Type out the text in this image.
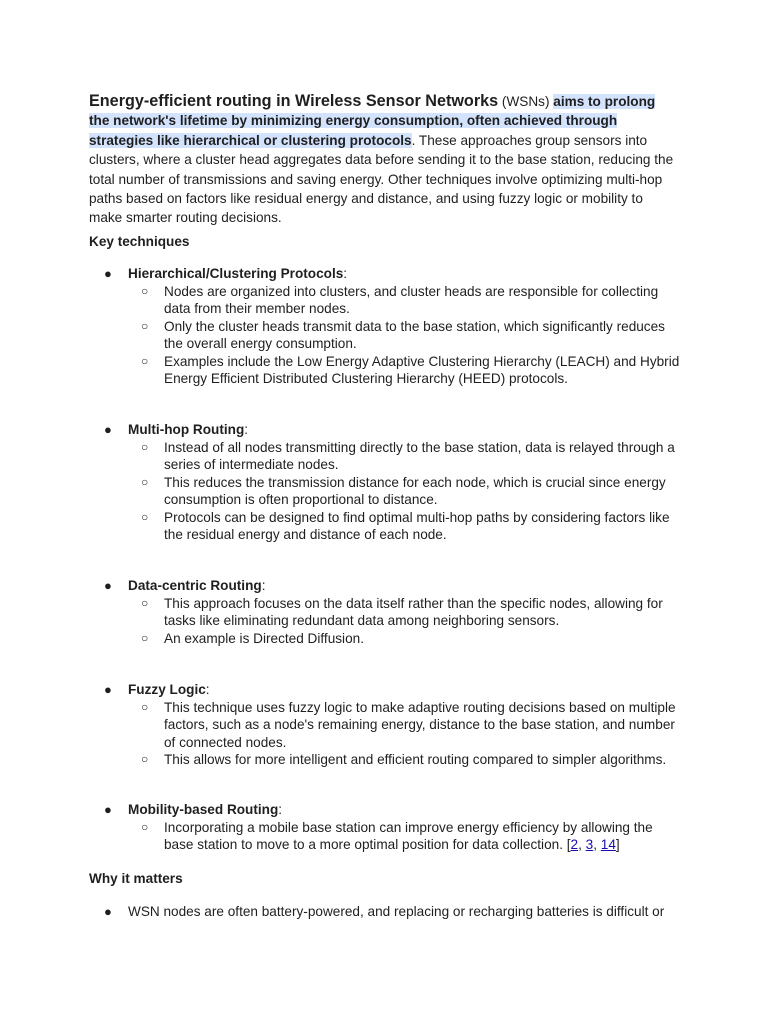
Energy-efficient routing in Wireless Sensor Networks (WSNs) aims to prolong the network's lifetime by minimizing energy consumption, often achieved through strategies like hierarchical or clustering protocols. These approaches group sensors into clusters, where a cluster head aggregates data before sending it to the base station, reducing the total number of transmissions and saving energy. Other techniques involve optimizing multi-hop paths based on factors like residual energy and distance, and using fuzzy logic or mobility to make smarter routing decisions.

Key techniques

● Hierarchical/Clustering Protocols:
○ Nodes are organized into clusters, and cluster heads are responsible for collecting data from their member nodes.
○ Only the cluster heads transmit data to the base station, which significantly reduces the overall energy consumption.
○ Examples include the Low Energy Adaptive Clustering Hierarchy (LEACH) and Hybrid Energy Efficient Distributed Clustering Hierarchy (HEED) protocols.
● Multi-hop Routing:
○ Instead of all nodes transmitting directly to the base station, data is relayed through a series of intermediate nodes.
○ This reduces the transmission distance for each node, which is crucial since energy consumption is often proportional to distance.
○ Protocols can be designed to find optimal multi-hop paths by considering factors like the residual energy and distance of each node.
● Data-centric Routing:
○ This approach focuses on the data itself rather than the specific nodes, allowing for tasks like eliminating redundant data among neighboring sensors.
○ An example is Directed Diffusion.
● Fuzzy Logic:
○ This technique uses fuzzy logic to make adaptive routing decisions based on multiple factors, such as a node's remaining energy, distance to the base station, and number of connected nodes.
○ This allows for more intelligent and efficient routing compared to simpler algorithms.
● Mobility-based Routing:
○ Incorporating a mobile base station can improve energy efficiency by allowing the base station to move to a more optimal position for data collection. [2, 3, 14]

Why it matters

● WSN nodes are often battery-powered, and replacing or recharging batteries is difficult or
